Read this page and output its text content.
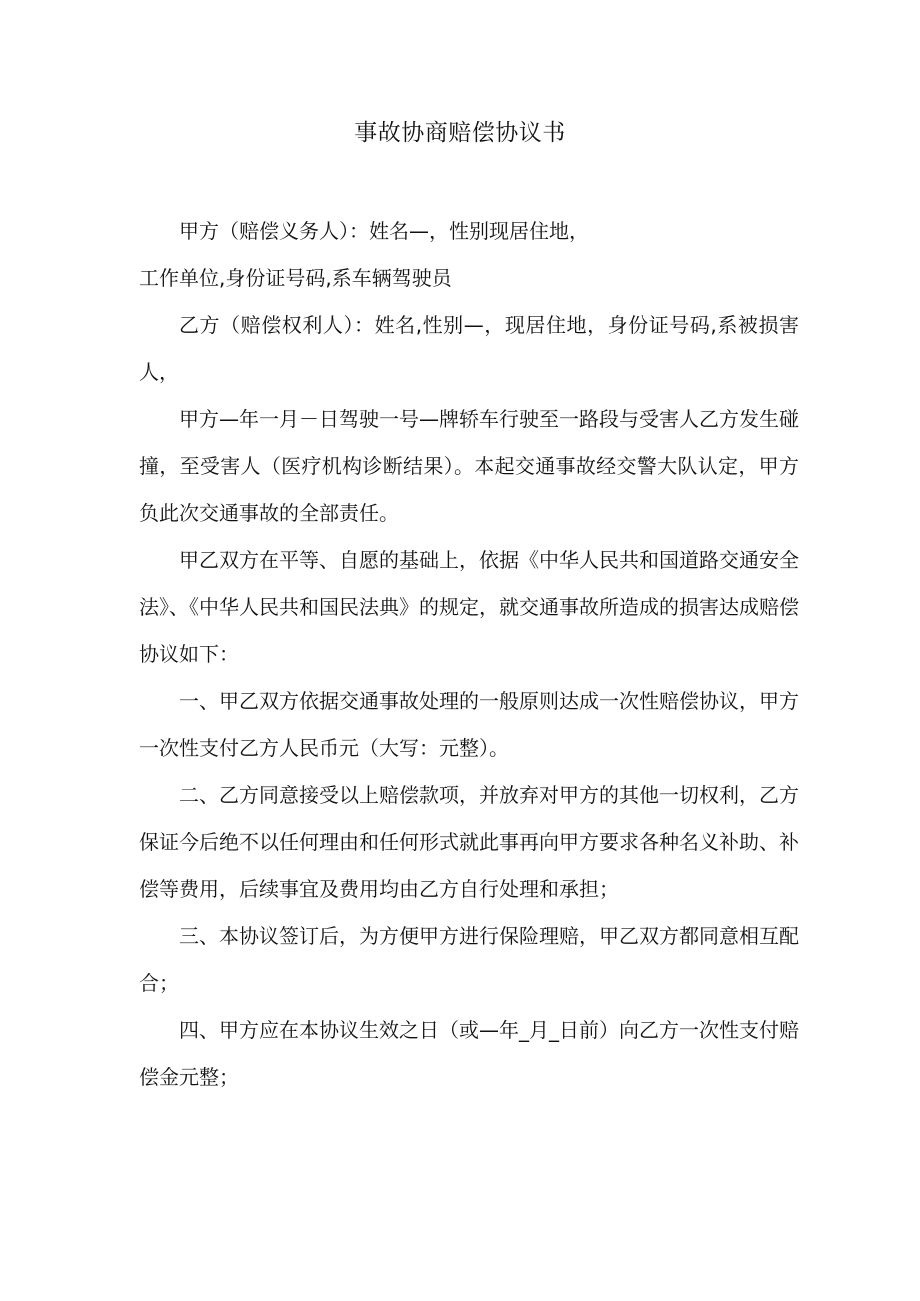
事故协商赔偿协议书

甲方（赔偿义务人）：姓名—，性别现居住地，

工作单位,身份证号码,系车辆驾驶员

乙方（赔偿权利人）：姓名,性别—，现居住地，身份证号码,系被损害人，

甲方—年一月－日驾驶一号—牌轿车行驶至一路段与受害人乙方发生碰撞，至受害人（医疗机构诊断结果）。本起交通事故经交警大队认定，甲方负此次交通事故的全部责任。

甲乙双方在平等、自愿的基础上，依据《中华人民共和国道路交通安全法》、《中华人民共和国民法典》的规定，就交通事故所造成的损害达成赔偿协议如下：

一、甲乙双方依据交通事故处理的一般原则达成一次性赔偿协议，甲方一次性支付乙方人民币元（大写：元整）。

二、乙方同意接受以上赔偿款项，并放弃对甲方的其他一切权利，乙方保证今后绝不以任何理由和任何形式就此事再向甲方要求各种名义补助、补偿等费用，后续事宜及费用均由乙方自行处理和承担；

三、本协议签订后，为方便甲方进行保险理赔，甲乙双方都同意相互配合；

四、甲方应在本协议生效之日（或—年_月_日前）向乙方一次性支付赔偿金元整；
